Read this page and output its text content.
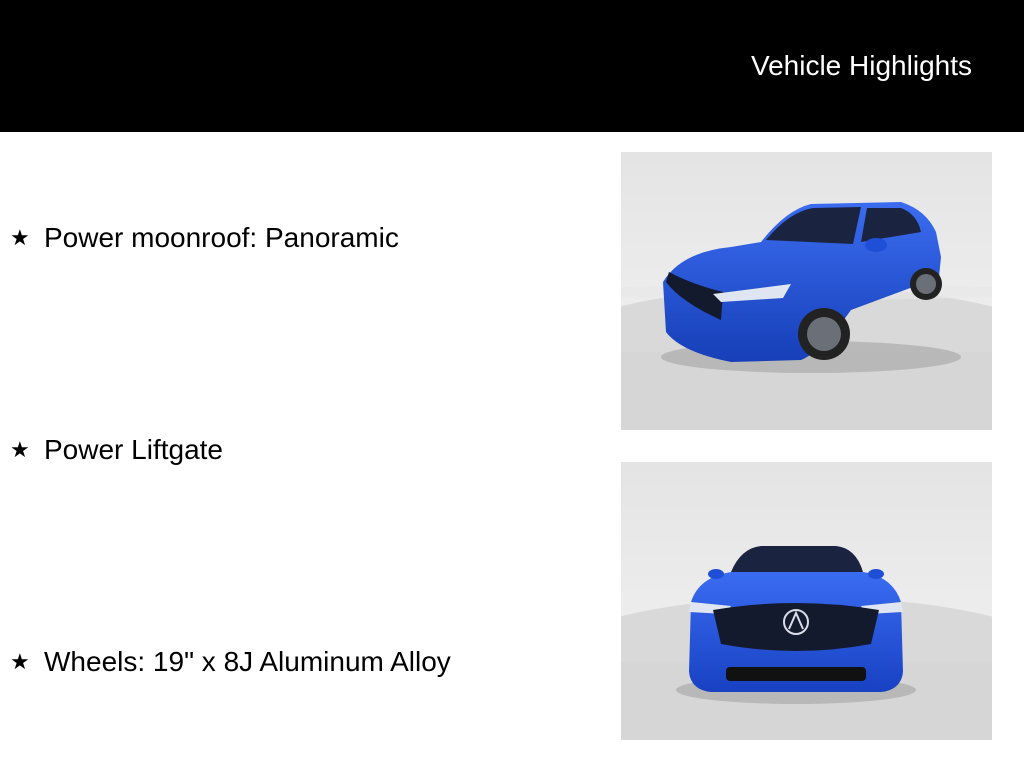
Vehicle Highlights
★ Power moonroof: Panoramic
★ Power Liftgate
★ Wheels: 19" x 8J Aluminum Alloy
